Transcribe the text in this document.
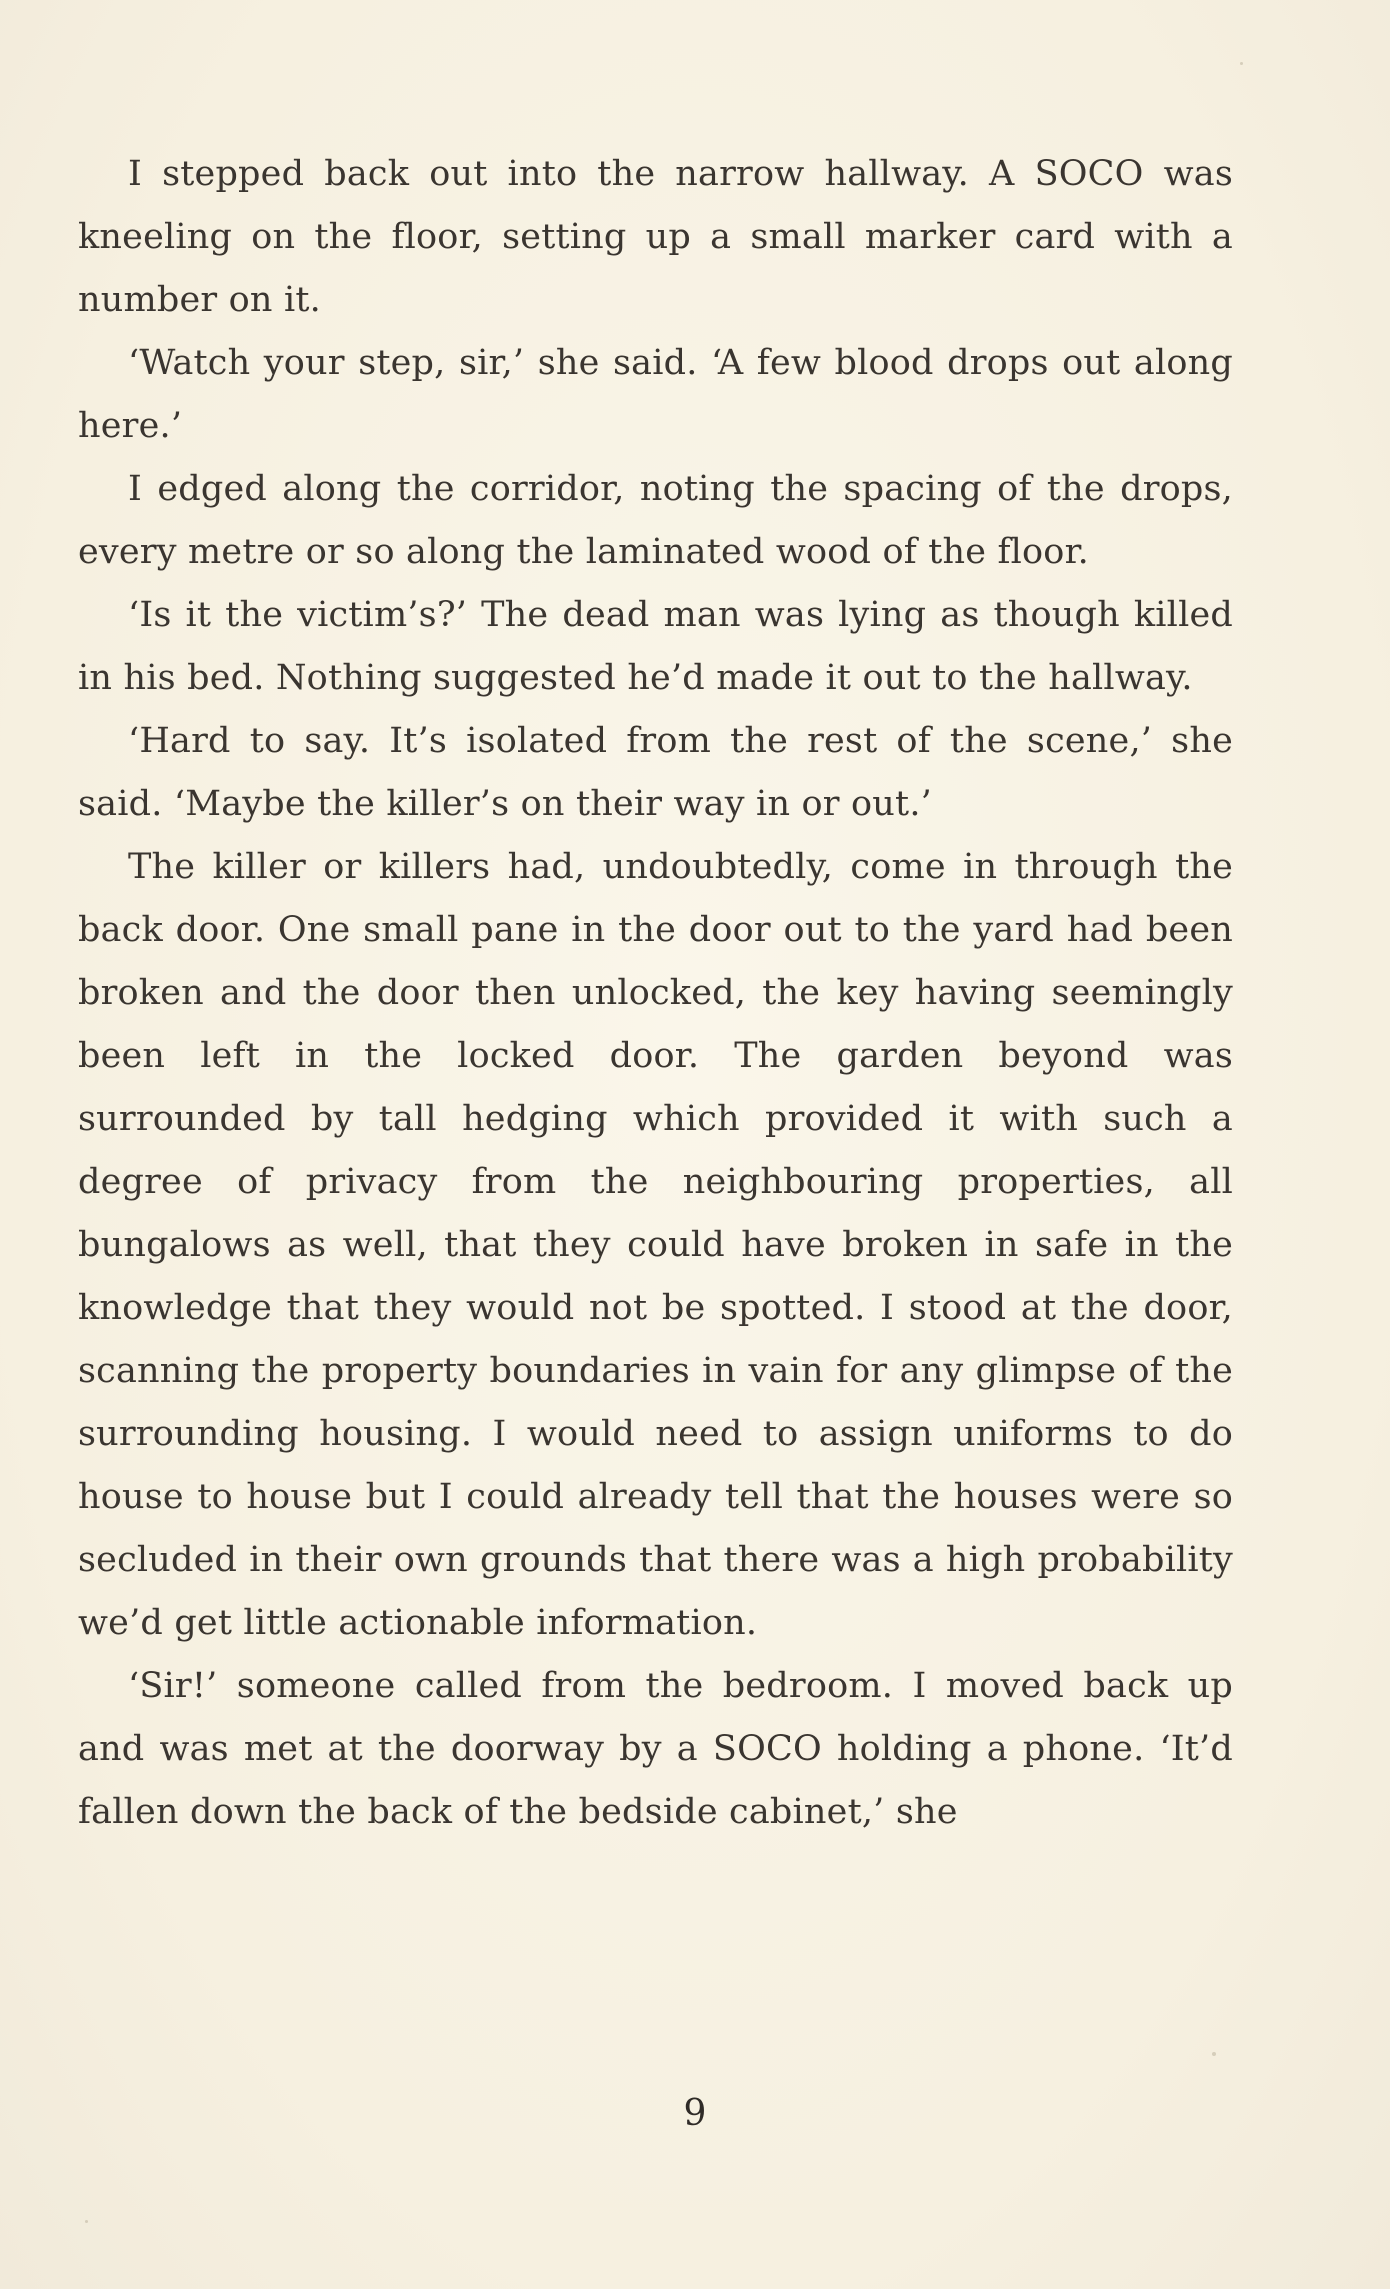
I stepped back out into the narrow hallway. A SOCO was kneeling on the floor, setting up a small marker card with a number on it.

‘Watch your step, sir,’ she said. ‘A few blood drops out along here.’

I edged along the corridor, noting the spacing of the drops, every metre or so along the laminated wood of the floor.

‘Is it the victim’s?’ The dead man was lying as though killed in his bed. Nothing suggested he’d made it out to the hallway.

‘Hard to say. It’s isolated from the rest of the scene,’ she said. ‘Maybe the killer’s on their way in or out.’

The killer or killers had, undoubtedly, come in through the back door. One small pane in the door out to the yard had been broken and the door then unlocked, the key having seemingly been left in the locked door. The garden beyond was surrounded by tall hedging which provided it with such a degree of privacy from the neighbouring properties, all bungalows as well, that they could have broken in safe in the knowledge that they would not be spotted. I stood at the door, scanning the property boundaries in vain for any glimpse of the surrounding housing. I would need to assign uniforms to do house to house but I could already tell that the houses were so secluded in their own grounds that there was a high probability we’d get little actionable information.

‘Sir!’ someone called from the bedroom. I moved back up and was met at the doorway by a SOCO holding a phone. ‘It’d fallen down the back of the bedside cabinet,’ she

9
